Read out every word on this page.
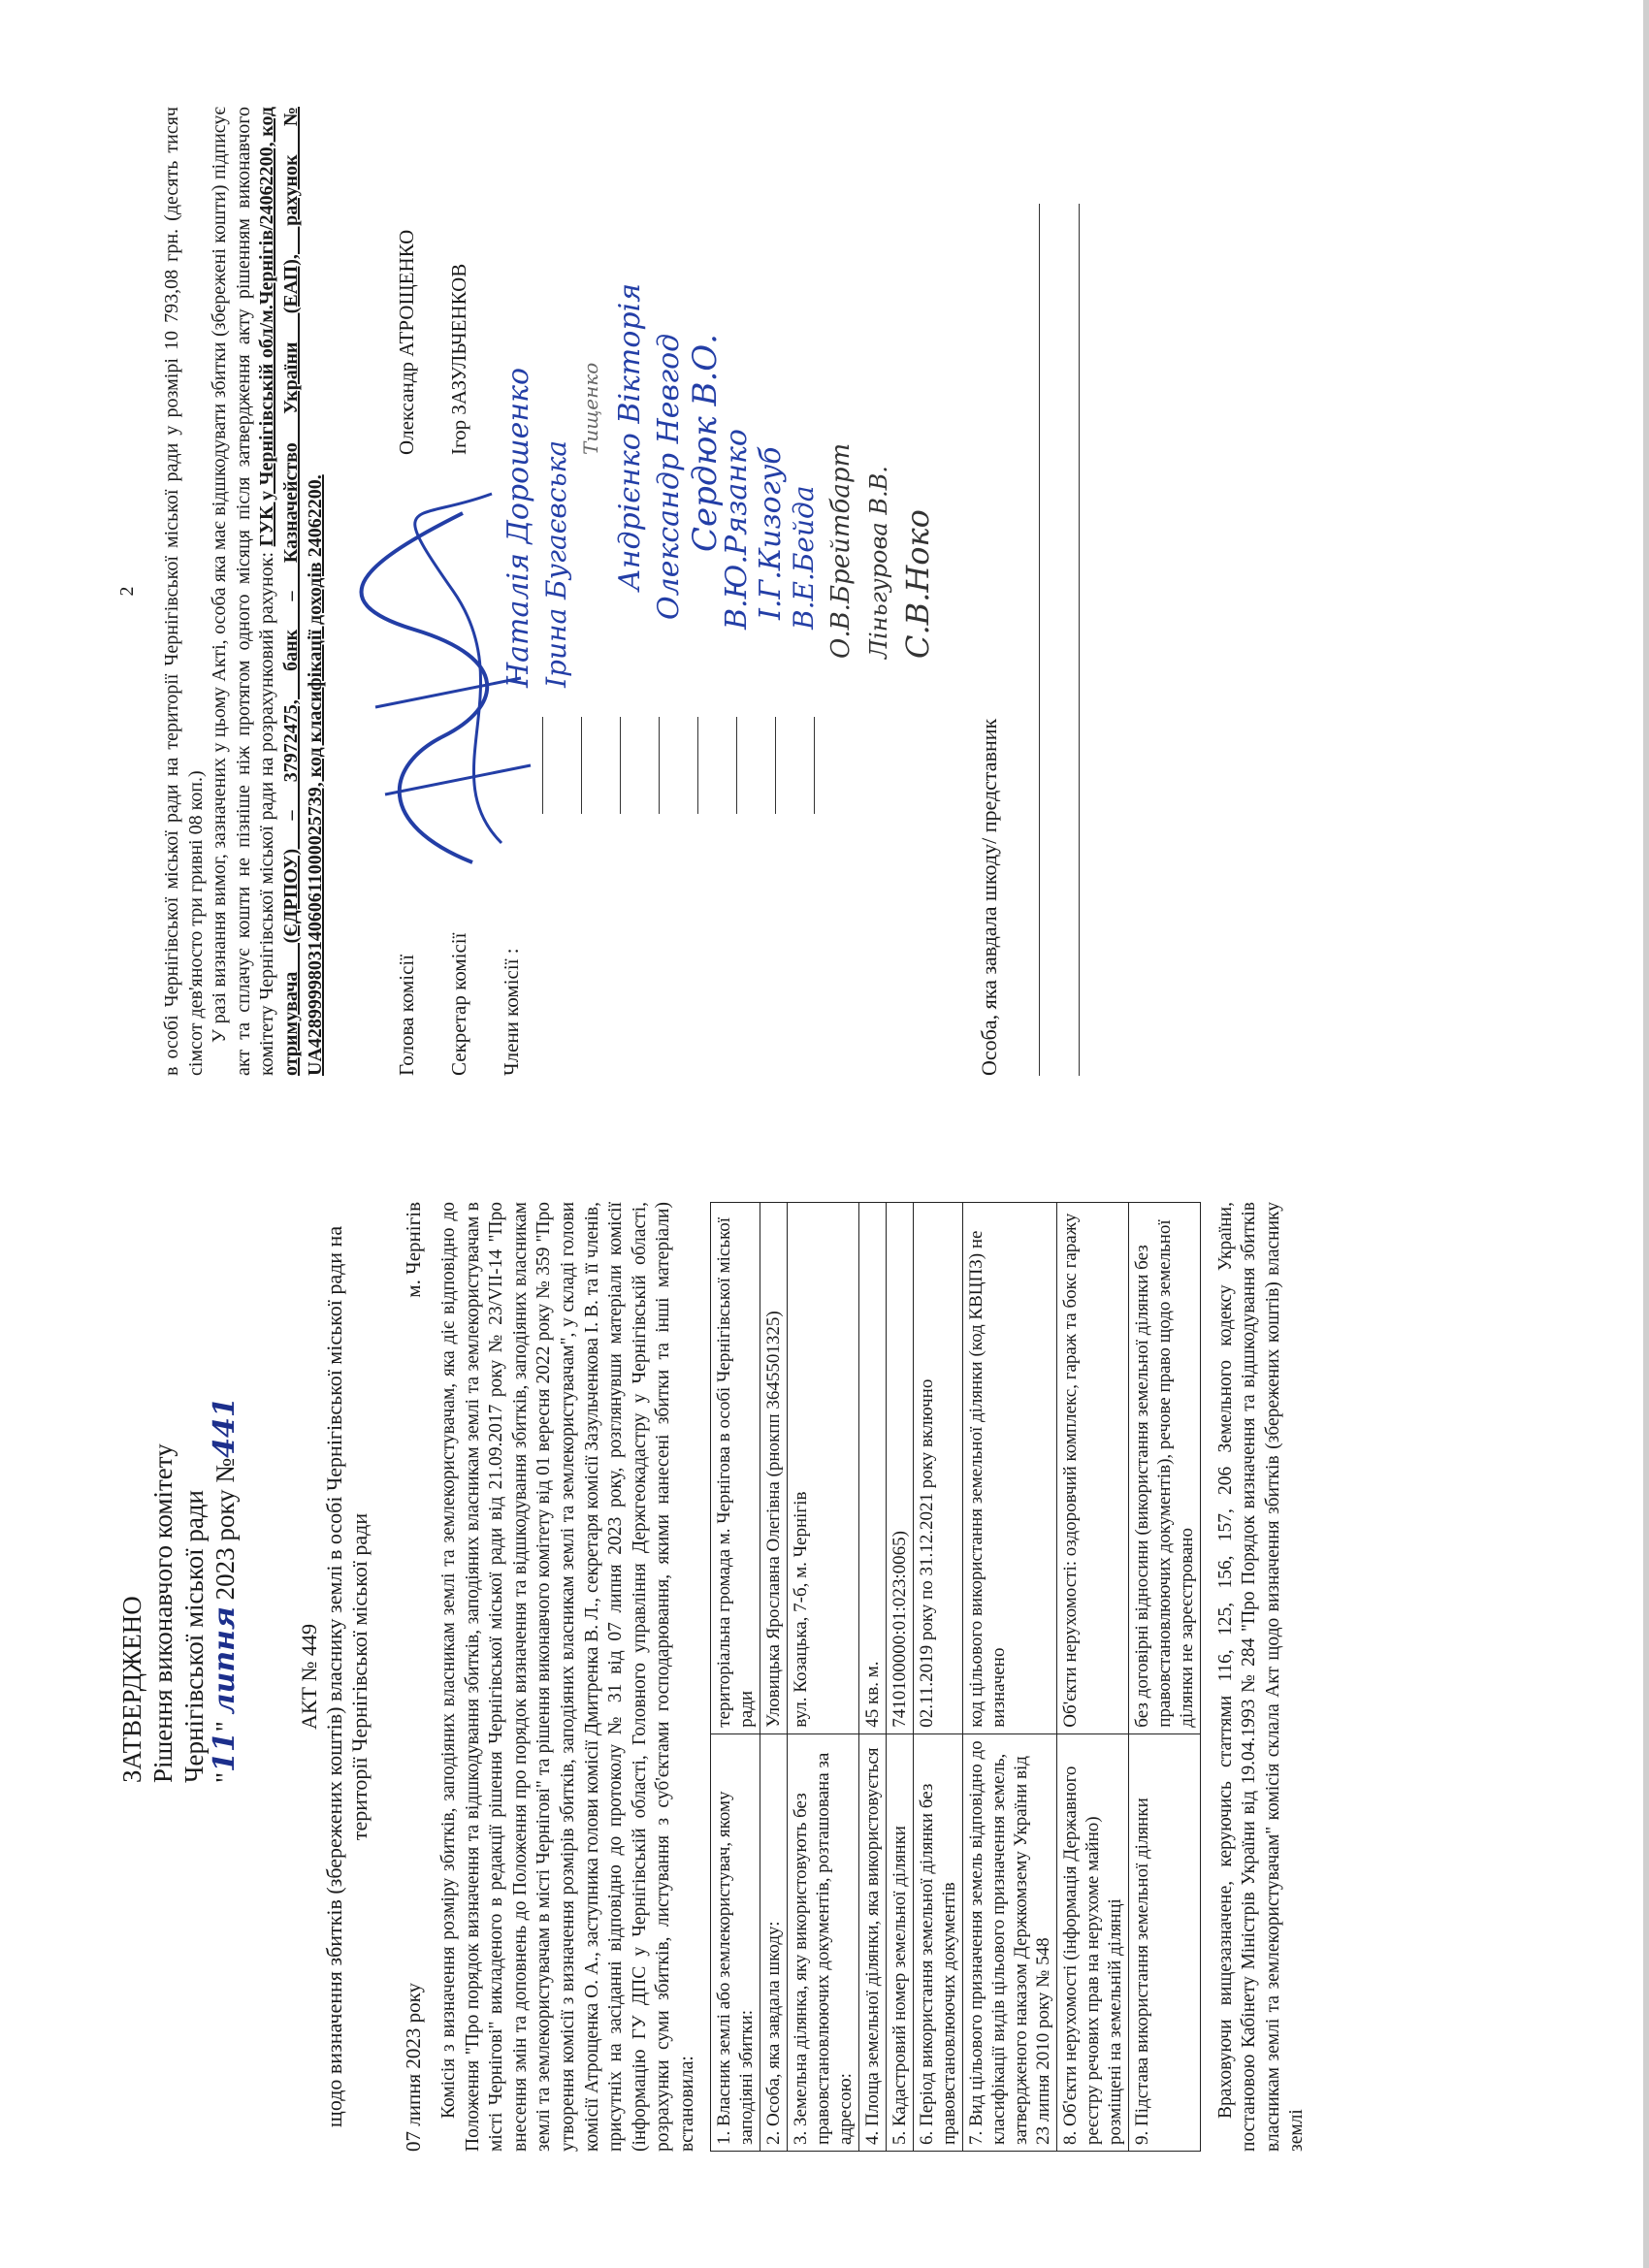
ЗАТВЕРДЖЕНО Рішення виконавчого комітету Чернігівської міської ради "11" липня 2023 року №441
АКТ № 449 щодо визначення збитків (збережених коштів) власнику землі в особі Чернігівської міської ради на території Чернігівської міської ради
07 липня 2023 року
м. Чернігів Комісія з визначення розміру збитків, заподіяних власникам землі та землекористувачам, яка діє відповідно до Положення "Про порядок визначення та відшкодування збитків, заподіяних власникам землі та землекористувачам в місті Чернігові" викладеного в редакції рішення Чернігівської міської ради від 21.09.2017 року № 23/VII-14 "Про внесення змін та доповнень до Положення про порядок визначення та відшкодування збитків, заподіяних власникам землі та землекористувачам в місті Чернігові" та рішення виконавчого комітету від 01 вересня 2022 року № 359 "Про утворення комісії з визначення розмірів збитків, заподіяних власникам землі та землекористувачам", у складі голови комісії Атрощенка О. А., заступника голови комісії Дмитренка В. Л., секретаря комісії Зазульченкова І. В. та її членів, присутніх на засіданні відповідно до протоколу № 31 від 07 липня 2023 року, розглянувши матеріали комісії (інформацію ГУ ДПС у Чернігівській області, Головного управління Держгеокадастру у Чернігівській області, розрахунки суми збитків, листування з суб'єктами господарювання, якими нанесені збитки та інші матеріали) встановила: 1. Власник землі або землекористувач, якому заподіяні збитки:	територіальна громада м. Чернігова в особі Чернігівської міської ради
2. Особа, яка завдала шкоду:	Уловицька Ярославна Олегівна (рнокпп 3645501325)
3. Земельна ділянка, яку використовують без правовстановлюючих документів, розташована за адресою:	вул. Козацька, 7-б, м. Чернігів
4. Площа земельної ділянки, яка використовується	45 кв. м.
5. Кадастровий номер земельної ділянки	7410100000:01:023:0065)
6. Період використання земельної ділянки без правовстановлюючих документів	02.11.2019 року по 31.12.2021 року включно
7. Вид цільового призначення земель відповідно до класифікації видів цільового призначення земель, затвердженого наказом Держкомзему України від 23 липня 2010 року № 548	код цільового використання земельної ділянки (код КВЦПЗ) не визначено
8. Об'єкти нерухомості (інформація Державного реєстру речових прав на нерухоме майно) розміщені на земельній ділянці	Об'єкти нерухомості: оздоровчий комплекс, гараж та бокс гаражу
9. Підстава використання земельної ділянки	без договірні відносини (використання земельної ділянки без правовстановлюючих документів), речове право щодо земельної ділянки не зареєстровано Враховуючи вищезазначене, керуючись статтями 116, 125, 156, 157, 206 Земельного кодексу України, постановою Кабінету Міністрів України від 19.04.1993 № 284 "Про Порядок визначення та відшкодування збитків власникам землі та землекористувачам" комісія склала Акт щодо визначення збитків (збережених коштів) власнику землі
2 в особі Чернігівської міської ради на території Чернігівської міської ради у розмірі 10 793,08 грн. (десять тисяч сімсот дев'яносто три гривні 08 коп.) У разі визнання вимог, зазначених у цьому Акті, особа яка має відшкодувати збитки (збережені кошти) підписує акт та сплачує кошти не пізніше ніж протягом одного місяця після затвердження акту рішенням виконавчого комітету Чернігівської міської ради на розрахунковий рахунок: ГУК у Чернігівській обл/м.Чернігів/24062200, код отримувача (ЄДРПОУ) – 37972475, банк – Казначейство України (ЕАП), рахунок № UA428999980314060611000025739, код класифікації доходів 24062200.	Голова комісії
Олександр АТРОЩЕНКО
Секретар комісії
Ігор ЗАЗУЛЬЧЕНКОВ
Члени комісії :
Наталія Дорошенко Ірина Бугаєвська
Тищенко Андрієнко Вікторія Олександр Невгод Сердюк В.О.
В.Ю.Рязанко І.Г.Кизогуб В.Е.Бейда О.В.Брейтбарт Ліньгурова В.В. С.В.Ноко
Особа, яка завдала шкоду/ представник
